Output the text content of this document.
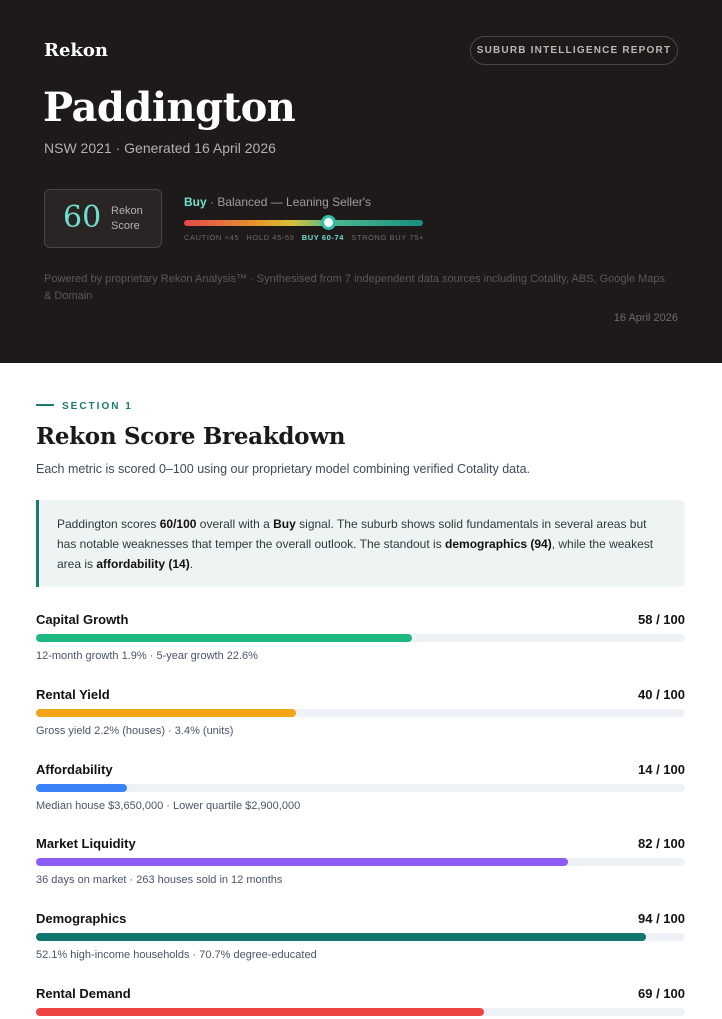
Rekon	SUBURB INTELLIGENCE REPORT
Paddington
NSW 2021 · Generated 16 April 2026
60 Rekon Score
Buy · Balanced — Leaning Seller's
CAUTION <45 HOLD 45-59 BUY 60-74 STRONG BUY 75+
Powered by proprietary Rekon Analysis™ · Synthesised from 7 independent data sources including Cotality, ABS, Google Maps & Domain
16 April 2026
SECTION 1
Rekon Score Breakdown
Each metric is scored 0–100 using our proprietary model combining verified Cotality data.
Paddington scores 60/100 overall with a Buy signal. The suburb shows solid fundamentals in several areas but has notable weaknesses that temper the overall outlook. The standout is demographics (94), while the weakest area is affordability (14).
Capital Growth	58 / 100
12-month growth 1.9% · 5-year growth 22.6%
Rental Yield	40 / 100
Gross yield 2.2% (houses) · 3.4% (units)
Affordability	14 / 100
Median house $3,650,000 · Lower quartile $2,900,000
Market Liquidity	82 / 100
36 days on market · 263 houses sold in 12 months
Demographics	94 / 100
52.1% high-income households · 70.7% degree-educated
Rental Demand	69 / 100
